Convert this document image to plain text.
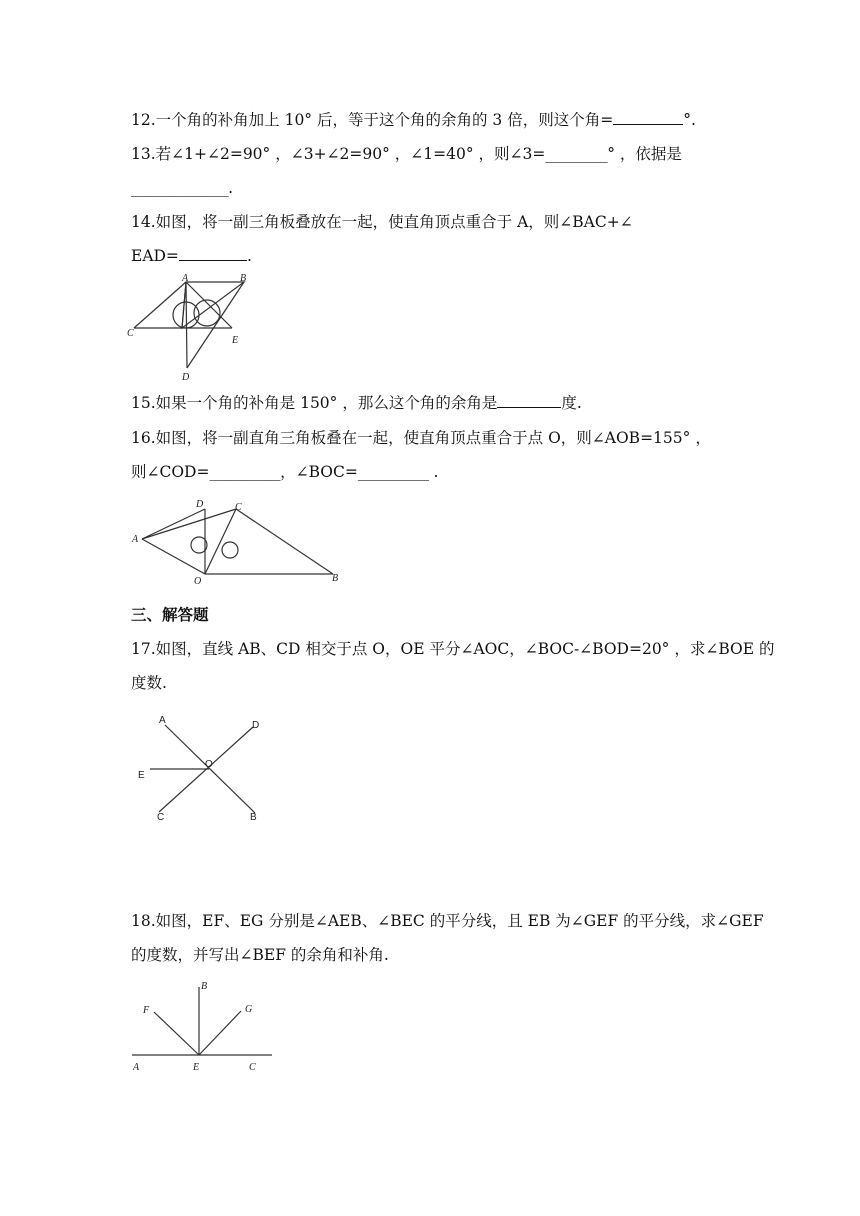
12.一个角的补角加上 10° 后，等于这个角的余角的 3 倍，则这个角=	°.
13.若∠1+∠2=90° ，∠3+∠2=90° ，∠1=40° ，则∠3=_______° ，依据是
___________.
14.如图，将一副三角板叠放在一起，使直角顶点重合于 A，则∠BAC+∠
EAD=	.
A	B
C
E
D
15.如果一个角的补角是 150° ，那么这个角的余角是	度.
16.如图，将一副直角三角板叠在一起，使直角顶点重合于点 O，则∠AOB=155° ，
则∠COD=________，∠BOC=________ .
A
D	C
O	B
三、解答题
17.如图，直线 AB、CD 相交于点 O，OE 平分∠AOC，∠BOC-∠BOD=20° ，求∠BOE 的
度数.
A	D
E
O
C	B
18.如图，EF、EG 分别是∠AEB、∠BEC 的平分线，且 EB 为∠GEF 的平分线，求∠GEF
的度数，并写出∠BEF 的余角和补角.
B
F	G
A	E	C
